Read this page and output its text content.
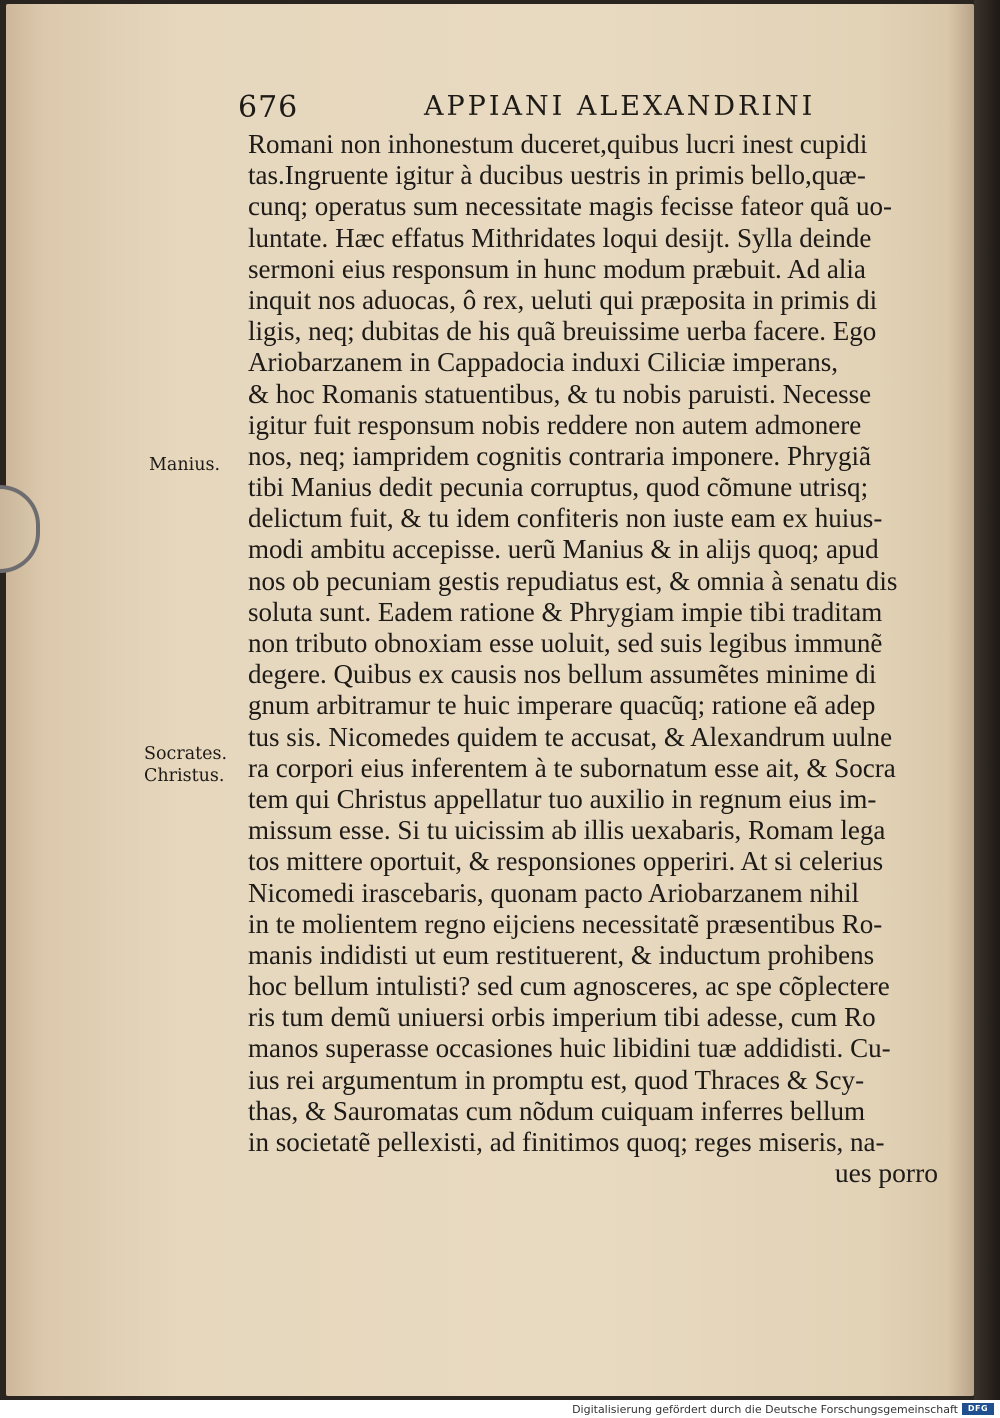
676	APPIANI ALEXANDRINI
Romani non inhonestum duceret,quibus lucri inest cupidi
tas.Ingruente igitur à ducibus uestris in primis bello,quæ-
cunq; operatus sum necessitate magis fecisse fateor quã uo-
luntate. Hæc effatus Mithridates loqui desijt. Sylla deinde
sermoni eius responsum in hunc modum præbuit. Ad alia
inquit nos aduocas, ô rex, ueluti qui præposita in primis di
ligis, neq; dubitas de his quã breuissime uerba facere. Ego
Ariobarzanem in Cappadocia induxi Ciliciæ imperans,
& hoc Romanis statuentibus, & tu nobis paruisti. Necesse
igitur fuit responsum nobis reddere non autem admonere
nos, neq; iampridem cognitis contraria imponere. Phrygiã
tibi Manius dedit pecunia corruptus, quod cõmune utrisq;
delictum fuit, & tu idem confiteris non iuste eam ex huius-
modi ambitu accepisse. uerũ Manius & in alijs quoq; apud
nos ob pecuniam gestis repudiatus est, & omnia à senatu dis
soluta sunt. Eadem ratione & Phrygiam impie tibi traditam
non tributo obnoxiam esse uoluit, sed suis legibus immunẽ
degere. Quibus ex causis nos bellum assumẽtes minime di
gnum arbitramur te huic imperare quacũq; ratione eã adep
tus sis. Nicomedes quidem te accusat, & Alexandrum uulne
ra corpori eius inferentem à te subornatum esse ait, & Socra
tem qui Christus appellatur tuo auxilio in regnum eius im-
missum esse. Si tu uicissim ab illis uexabaris, Romam lega
tos mittere oportuit, & responsiones opperiri. At si celerius
Nicomedi irascebaris, quonam pacto Ariobarzanem nihil
in te molientem regno eijciens necessitatẽ præsentibus Ro-
manis indidisti ut eum restituerent, & inductum prohibens
hoc bellum intulisti? sed cum agnosceres, ac spe cõplectere
ris tum demũ uniuersi orbis imperium tibi adesse, cum Ro
manos superasse occasiones huic libidini tuæ addidisti. Cu-
ius rei argumentum in promptu est, quod Thraces & Scy-
thas, & Sauromatas cum nõdum cuiquam inferres bellum
in societatẽ pellexisti, ad finitimos quoq; reges miseris, na-
ues porro
Manius.
Socrates.
Christus.
Digitalisierung gefördert durch die Deutsche Forschungsgemeinschaft	DFG
